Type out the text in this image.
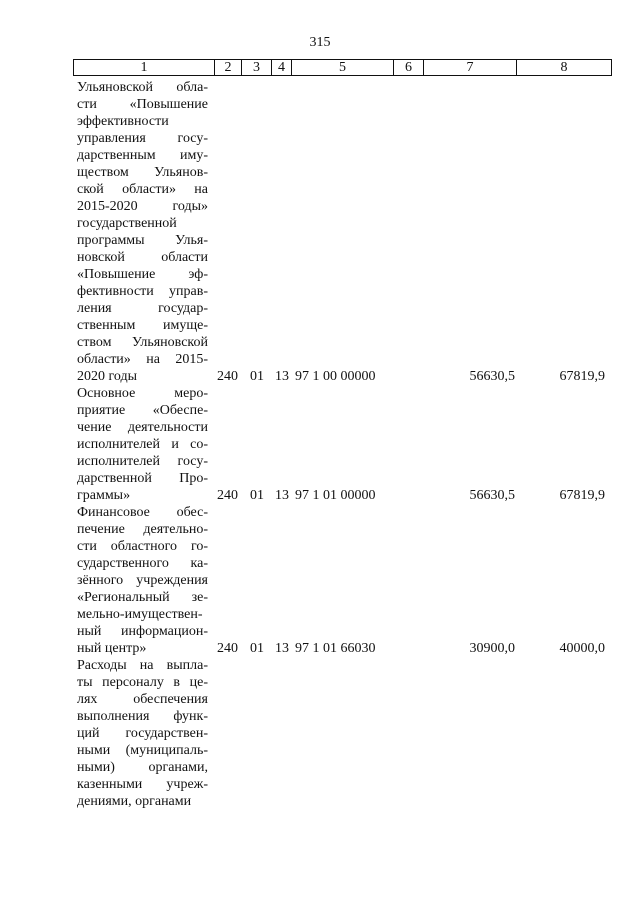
315
1	2	3	4	5	6	7	8
Ульяновской обла-
сти «Повышение
эффективности
управления госу-
дарственным иму-
ществом Ульянов-
ской области» на
2015-2020 годы»
государственной
программы Улья-
новской области
«Повышение эф-
фективности управ-
ления государ-
ственным имуще-
ством Ульяновской
области» на 2015-
2020 годы	240 01 13 97 1 00 00000	56630,5	67819,9
Основное меро-
приятие «Обеспе-
чение деятельности
исполнителей и со-
исполнителей госу-
дарственной Про-
граммы»	240 01 13 97 1 01 00000	56630,5	67819,9
Финансовое обес-
печение деятельно-
сти областного го-
сударственного ка-
зённого учреждения
«Региональный зе-
мельно-имуществен-
ный информацион-
ный центр»	240 01 13 97 1 01 66030	30900,0	40000,0
Расходы на выпла-
ты персоналу в це-
лях обеспечения
выполнения функ-
ций государствен-
ными (муниципаль-
ными) органами,
казенными учреж-
дениями, органами
